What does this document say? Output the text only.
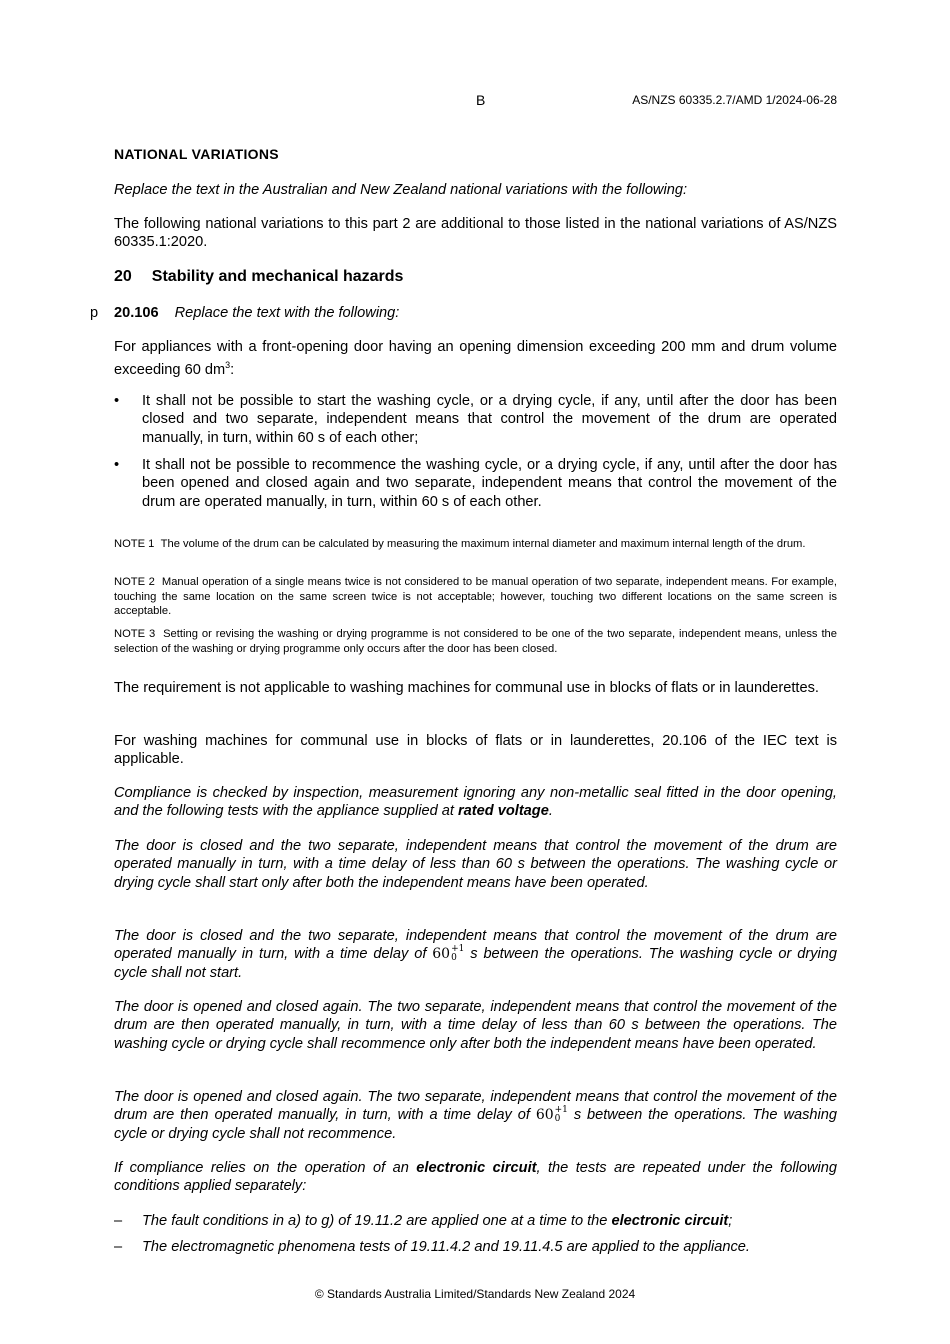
B	AS/NZS 60335.2.7/AMD 1/2024-06-28
NATIONAL VARIATIONS

Replace the text in the Australian and New Zealand national variations with the following:

The following national variations to this part 2 are additional to those listed in the national variations of AS/NZS 60335.1:2020.

20 Stability and mechanical hazards
p 20.106 Replace the text with the following:

For appliances with a front-opening door having an opening dimension exceeding 200 mm and drum volume exceeding 60 $dm^3$:

• It shall not be possible to start the washing cycle, or a drying cycle, if any, until after the door has been closed and two separate, independent means that control the movement of the drum are operated manually, in turn, within 60 s of each other;
• It shall not be possible to recommence the washing cycle, or a drying cycle, if any, until after the door has been opened and closed again and two separate, independent means that control the movement of the drum are operated manually, in turn, within 60 s of each other.

NOTE 1 The volume of the drum can be calculated by measuring the maximum internal diameter and maximum internal length of the drum.

NOTE 2 Manual operation of a single means twice is not considered to be manual operation of two separate, independent means. For example, touching the same location on the same screen twice is not acceptable; however, touching two different locations on the same screen is acceptable.

NOTE 3 Setting or revising the washing or drying programme is not considered to be one of the two separate, independent means, unless the selection of the washing or drying programme only occurs after the door has been closed.

The requirement is not applicable to washing machines for communal use in blocks of flats or in launderettes.

For washing machines for communal use in blocks of flats or in launderettes, 20.106 of the IEC text is applicable.

Compliance is checked by inspection, measurement ignoring any non-metallic seal fitted in the door opening, and the following tests with the appliance supplied at rated voltage.

The door is closed and the two separate, independent means that control the movement of the drum are operated manually in turn, with a time delay of less than 60 s between the operations. The washing cycle or drying cycle shall start only after both the independent means have been operated.

The door is closed and the two separate, independent means that control the movement of the drum are operated manually in turn, with a time delay of 60 +1
0 s between the operations. The washing cycle or drying cycle shall not start.

The door is opened and closed again. The two separate, independent means that control the movement of the drum are then operated manually, in turn, with a time delay of less than 60 s between the operations. The washing cycle or drying cycle shall recommence only after both the independent means have been operated.

The door is opened and closed again. The two separate, independent means that control the movement of the drum are then operated manually, in turn, with a time delay of 60 +1
0 s between the operations. The washing cycle or drying cycle shall not recommence.

If compliance relies on the operation of an electronic circuit, the tests are repeated under the following conditions applied separately:

– The fault conditions in a) to g) of 19.11.2 are applied one at a time to the electronic circuit;
– The electromagnetic phenomena tests of 19.11.4.2 and 19.11.4.5 are applied to the appliance.
© Standards Australia Limited/Standards New Zealand 2024
